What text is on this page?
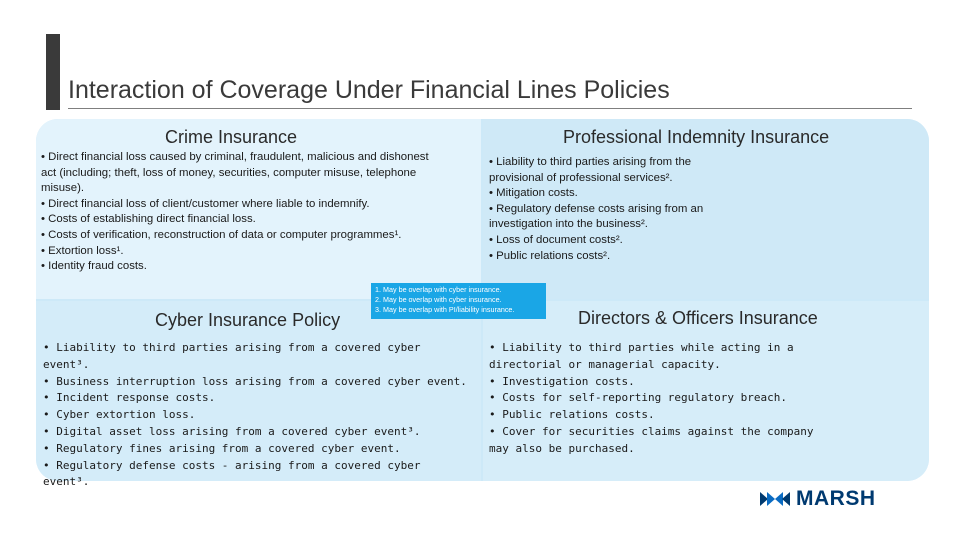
Interaction of Coverage Under Financial Lines Policies
Crime Insurance

• Direct financial loss caused by criminal, fraudulent, malicious and dishonest

act (including; theft, loss of money, securities, computer misuse, telephone

misuse).

• Direct financial loss of client/customer where liable to indemnify.

• Costs of establishing direct financial loss.

• Costs of verification, reconstruction of data or computer programmes¹.

• Extortion loss¹.

• Identity fraud costs.

Professional Indemnity Insurance

• Liability to third parties arising from the

provisional of professional services².

• Mitigation costs.

• Regulatory defense costs arising from an

investigation into the business².

• Loss of document costs².

• Public relations costs².

1. May be overlap with cyber insurance.

2. May be overlap with cyber insurance.

3. May be overlap with PI/liability insurance.

Cyber Insurance Policy

• Liability to third parties arising from a covered cyber event³.

• Business interruption loss arising from a covered cyber event.

• Incident response costs.

• Cyber extortion loss.

• Digital asset loss arising from a covered cyber event³.

• Regulatory fines arising from a covered cyber event.

• Regulatory defense costs - arising from a covered cyber event³.

Directors & Officers Insurance

• Liability to third parties while acting in a

directorial or managerial capacity.

• Investigation costs.

• Costs for self-reporting regulatory breach.

• Public relations costs.

• Cover for securities claims against the company

may also be purchased.

MARSH
